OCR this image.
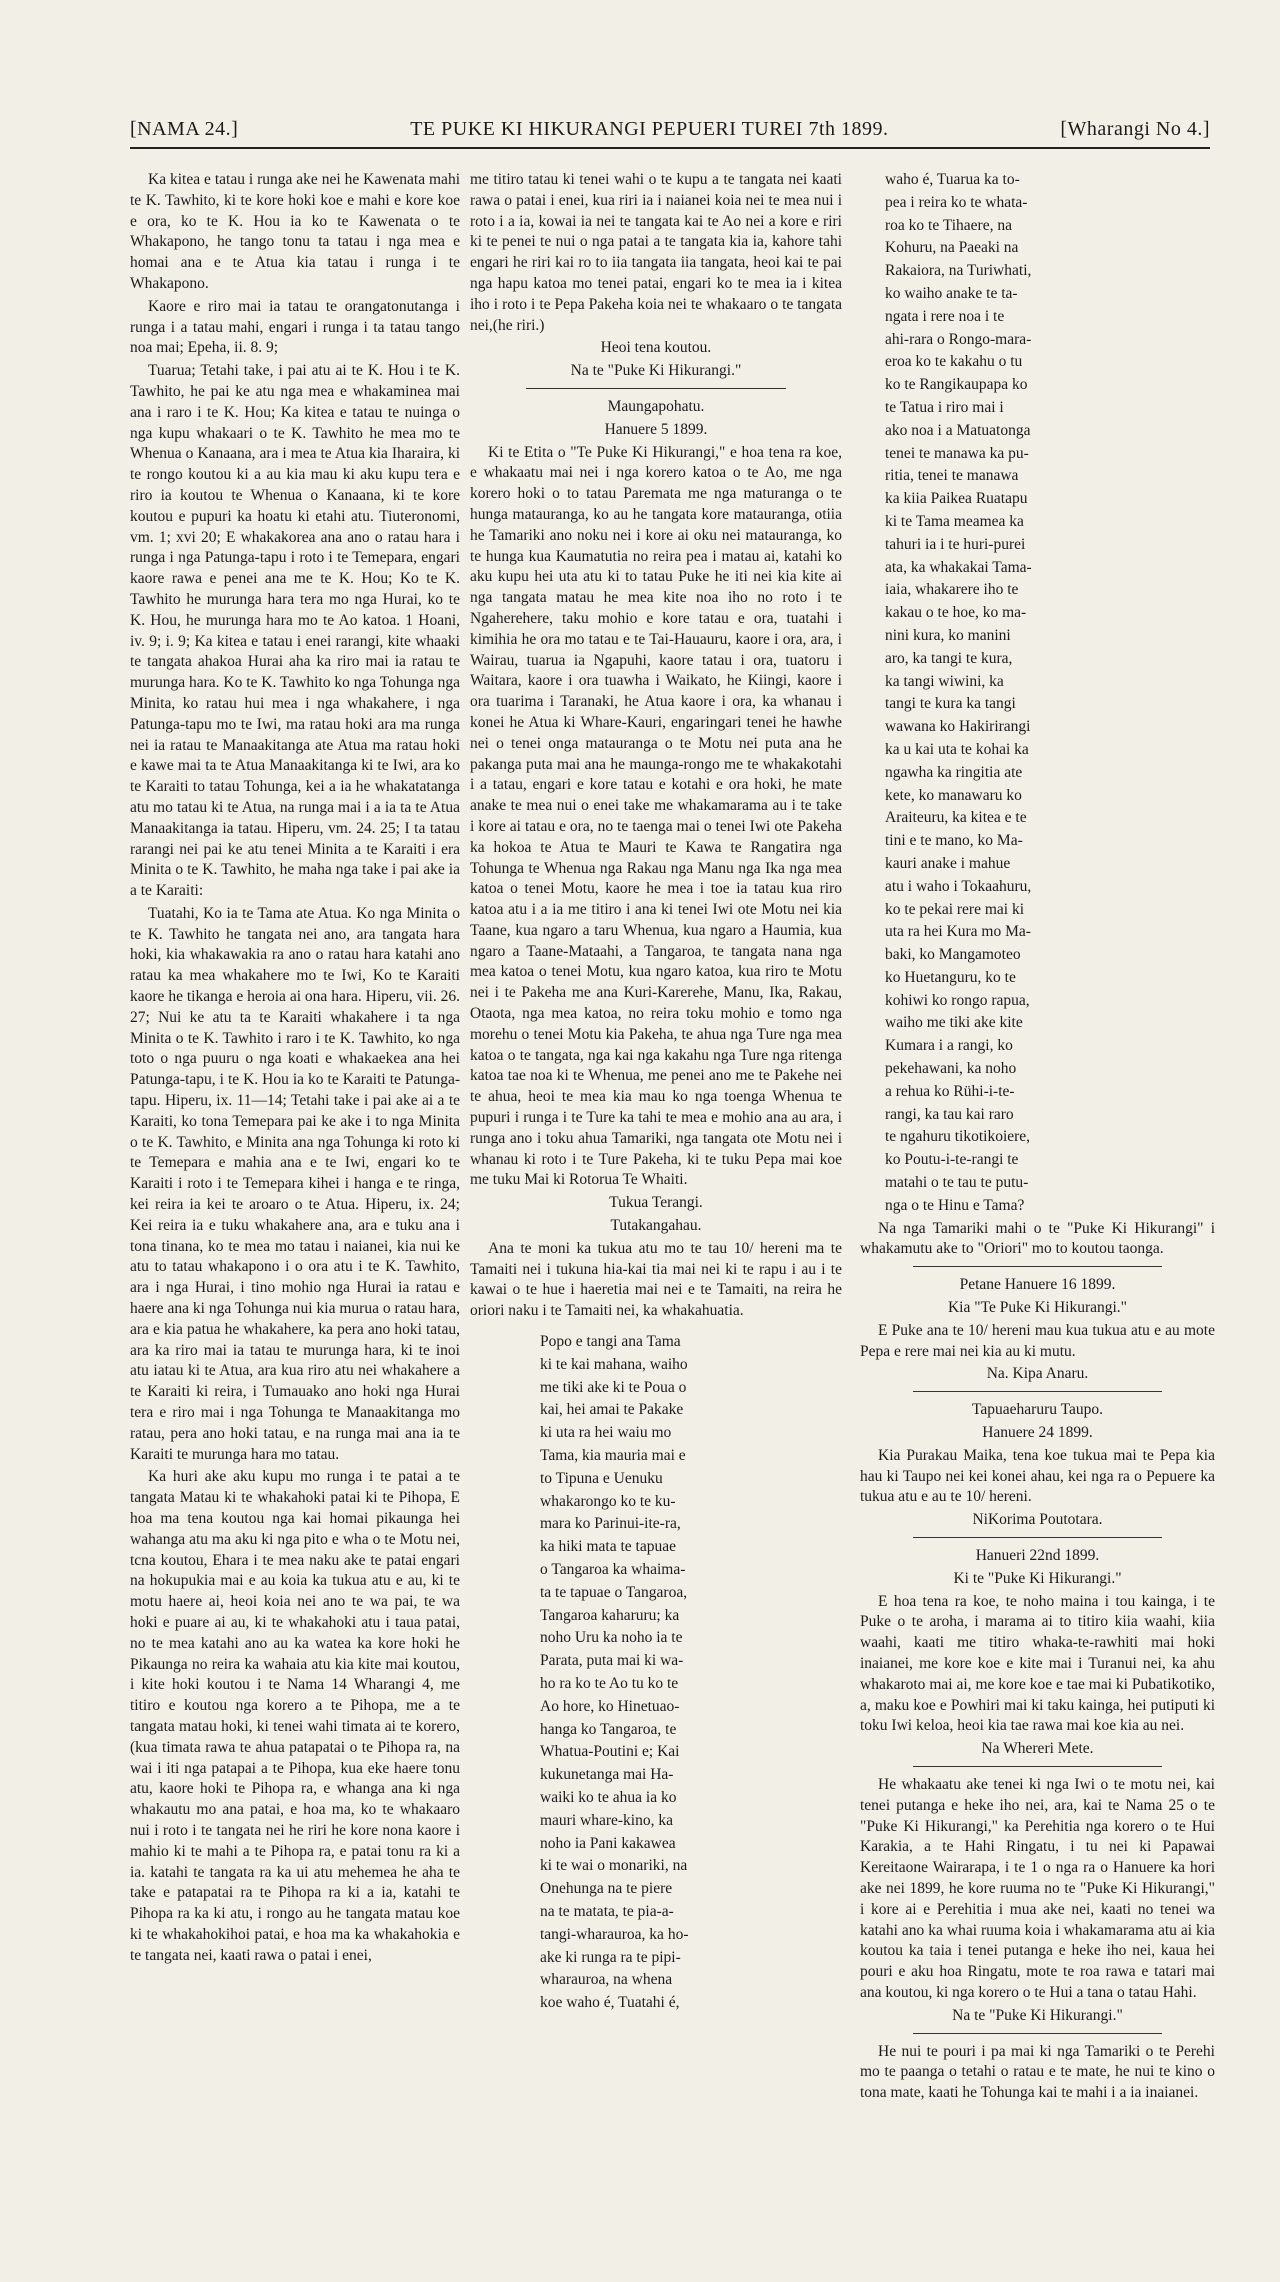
[NAMA 24.]	TE PUKE KI HIKURANGI PEPUERI TUREI 7th 1899.	[Wharangi No 4.]

Ka kitea e tatau i runga ake nei he Kawenata mahi te K. Tawhito, ki te kore hoki koe e mahi e kore koe e ora, ko te K. Hou ia ko te Kawenata o te Whakapono, he tango tonu ta tatau i nga mea e homai ana e te Atua kia tatau i runga i te Whakapono.

Kaore e riro mai ia tatau te orangatonutanga i runga i a tatau mahi, engari i runga i ta tatau tango noa mai; Epeha, ii. 8. 9;

Tuarua; Tetahi take, i pai atu ai te K. Hou i te K. Tawhito, he pai ke atu nga mea e whakaminea mai ana i raro i te K. Hou; Ka kitea e tatau te nuinga o nga kupu whakaari o te K. Tawhito he mea mo te Whenua o Kanaana, ara i mea te Atua kia Iharaira, ki te rongo koutou ki a au kia mau ki aku kupu tera e riro ia koutou te Whenua o Kanaana, ki te kore koutou e pupuri ka hoatu ki etahi atu. Tiuteronomi, vm. 1; xvi 20; E whakakorea ana ano o ratau hara i runga i nga Patunga-tapu i roto i te Temepara, engari kaore rawa e penei ana me te K. Hou; Ko te K. Tawhito he murunga hara tera mo nga Hurai, ko te K. Hou, he murunga hara mo te Ao katoa. 1 Hoani, iv. 9; i. 9; Ka kitea e tatau i enei rarangi, kite whaaki te tangata ahakoa Hurai aha ka riro mai ia ratau te murunga hara. Ko te K. Tawhito ko nga Tohunga nga Minita, ko ratau hui mea i nga whakahere, i nga Patunga-tapu mo te Iwi, ma ratau hoki ara ma runga nei ia ratau te Manaakitanga ate Atua ma ratau hoki e kawe mai ta te Atua Manaakitanga ki te Iwi, ara ko te Karaiti to tatau Tohunga, kei a ia he whakatatanga atu mo tatau ki te Atua, na runga mai i a ia ta te Atua Manaakitanga ia tatau. Hiperu, vm. 24. 25; I ta tatau rarangi nei pai ke atu tenei Minita a te Karaiti i era Minita o te K. Tawhito, he maha nga take i pai ake ia a te Karaiti:

Tuatahi, Ko ia te Tama ate Atua. Ko nga Minita o te K. Tawhito he tangata nei ano, ara tangata hara hoki, kia whakawakia ra ano o ratau hara katahi ano ratau ka mea whakahere mo te Iwi, Ko te Karaiti kaore he tikanga e heroia ai ona hara. Hiperu, vii. 26. 27; Nui ke atu ta te Karaiti whakahere i ta nga Minita o te K. Tawhito i raro i te K. Tawhito, ko nga toto o nga puuru o nga koati e whakaekea ana hei Patunga-tapu, i te K. Hou ia ko te Karaiti te Patunga-tapu. Hiperu, ix. 11—14; Tetahi take i pai ake ai a te Karaiti, ko tona Temepara pai ke ake i to nga Minita o te K. Tawhito, e Minita ana nga Tohunga ki roto ki te Temepara e mahia ana e te Iwi, engari ko te Karaiti i roto i te Temepara kihei i hanga e te ringa, kei reira ia kei te aroaro o te Atua. Hiperu, ix. 24; Kei reira ia e tuku whakahere ana, ara e tuku ana i tona tinana, ko te mea mo tatau i naianei, kia nui ke atu to tatau whakapono i o ora atu i te K. Tawhito, ara i nga Hurai, i tino mohio nga Hurai ia ratau e haere ana ki nga Tohunga nui kia murua o ratau hara, ara e kia patua he whakahere, ka pera ano hoki tatau, ara ka riro mai ia tatau te murunga hara, ki te inoi atu iatau ki te Atua, ara kua riro atu nei whakahere a te Karaiti ki reira, i Tumauako ano hoki nga Hurai tera e riro mai i nga Tohunga te Manaakitanga mo ratau, pera ano hoki tatau, e na runga mai ana ia te Karaiti te murunga hara mo tatau.

Ka huri ake aku kupu mo runga i te patai a te tangata Matau ki te whakahoki patai ki te Pihopa, E hoa ma tena koutou nga kai homai pikaunga hei wahanga atu ma aku ki nga pito e wha o te Motu nei, tcna koutou, Ehara i te mea naku ake te patai engari na hokupukia mai e au koia ka tukua atu e au, ki te motu haere ai, heoi koia nei ano te wa pai, te wa hoki e puare ai au, ki te whakahoki atu i taua patai, no te mea katahi ano au ka watea ka kore hoki he Pikaunga no reira ka wahaia atu kia kite mai koutou, i kite hoki koutou i te Nama 14 Wharangi 4, me titiro e koutou nga korero a te Pihopa, me a te tangata matau hoki, ki tenei wahi timata ai te korero, (kua timata rawa te ahua patapatai o te Pihopa ra, na wai i iti nga patapai a te Pihopa, kua eke haere tonu atu, kaore hoki te Pihopa ra, e whanga ana ki nga whakautu mo ana patai, e hoa ma, ko te whakaaro nui i roto i te tangata nei he riri he kore nona kaore i mahio ki te mahi a te Pihopa ra, e patai tonu ra ki a ia. katahi te tangata ra ka ui atu mehemea he aha te take e patapatai ra te Pihopa ra ki a ia, katahi te Pihopa ra ka ki atu, i rongo au he tangata matau koe ki te whakahokihoi patai, e hoa ma ka whakahokia e te tangata nei, kaati rawa o patai i enei,

me titiro tatau ki tenei wahi o te kupu a te tangata nei kaati rawa o patai i enei, kua riri ia i naianei koia nei te mea nui i roto i a ia, kowai ia nei te tangata kai te Ao nei a kore e riri ki te penei te nui o nga patai a te tangata kia ia, kahore tahi engari he riri kai ro to iia tangata iia tangata, heoi kai te pai nga hapu katoa mo tenei patai, engari ko te mea ia i kitea iho i roto i te Pepa Pakeha koia nei te whakaaro o te tangata nei,(he riri.)

Heoi tena koutou.

Na te "Puke Ki Hikurangi."

Maungapohatu.

Hanuere 5 1899.

Ki te Etita o "Te Puke Ki Hikurangi," e hoa tena ra koe, e whakaatu mai nei i nga korero katoa o te Ao, me nga korero hoki o to tatau Paremata me nga maturanga o te hunga matauranga, ko au he tangata kore matauranga, otiia he Tamariki ano noku nei i kore ai oku nei matauranga, ko te hunga kua Kaumatutia no reira pea i matau ai, katahi ko aku kupu hei uta atu ki to tatau Puke he iti nei kia kite ai nga tangata matau he mea kite noa iho no roto i te Ngaherehere, taku mohio e kore tatau e ora, tuatahi i kimihia he ora mo tatau e te Tai-Hauauru, kaore i ora, ara, i Wairau, tuarua ia Ngapuhi, kaore tatau i ora, tuatoru i Waitara, kaore i ora tuawha i Waikato, he Kiingi, kaore i ora tuarima i Taranaki, he Atua kaore i ora, ka whanau i konei he Atua ki Whare-Kauri, engaringari tenei he hawhe nei o tenei onga matauranga o te Motu nei puta ana he pakanga puta mai ana he maunga-rongo me te whakakotahi i a tatau, engari e kore tatau e kotahi e ora hoki, he mate anake te mea nui o enei take me whakamarama au i te take i kore ai tatau e ora, no te taenga mai o tenei Iwi ote Pakeha ka hokoa te Atua te Mauri te Kawa te Rangatira nga Tohunga te Whenua nga Rakau nga Manu nga Ika nga mea katoa o tenei Motu, kaore he mea i toe ia tatau kua riro katoa atu i a ia me titiro i ana ki tenei Iwi ote Motu nei kia Taane, kua ngaro a taru Whenua, kua ngaro a Haumia, kua ngaro a Taane-Mataahi, a Tangaroa, te tangata nana nga mea katoa o tenei Motu, kua ngaro katoa, kua riro te Motu nei i te Pakeha me ana Kuri-Karerehe, Manu, Ika, Rakau, Otaota, nga mea katoa, no reira toku mohio e tomo nga morehu o tenei Motu kia Pakeha, te ahua nga Ture nga mea katoa o te tangata, nga kai nga kakahu nga Ture nga ritenga katoa tae noa ki te Whenua, me penei ano me te Pakehe nei te ahua, heoi te mea kia mau ko nga toenga Whenua te pupuri i runga i te Ture ka tahi te mea e mohio ana au ara, i runga ano i toku ahua Tamariki, nga tangata ote Motu nei i whanau ki roto i te Ture Pakeha, ki te tuku Pepa mai koe me tuku Mai ki Rotorua Te Whaiti.

Tukua Terangi.

Tutakangahau.

Ana te moni ka tukua atu mo te tau 10/ hereni ma te Tamaiti nei i tukuna hia-kai tia mai nei ki te rapu i au i te kawai o te hue i haeretia mai nei e te Tamaiti, na reira he oriori naku i te Tamaiti nei, ka whakahuatia.

Popo e tangi ana Tama

ki te kai mahana, waiho

me tiki ake ki te Poua o

kai, hei amai te Pakake

ki uta ra hei waiu mo

Tama, kia mauria mai e

to Tipuna e Uenuku

whakarongo ko te ku-

mara ko Parinui-ite-ra,

ka hiki mata te tapuae

o Tangaroa ka whaima-

ta te tapuae o Tangaroa,

Tangaroa kaharuru; ka

noho Uru ka noho ia te

Parata, puta mai ki wa-

ho ra ko te Ao tu ko te

Ao hore, ko Hinetuao-

hanga ko Tangaroa, te

Whatua-Poutini e; Kai

kukunetanga mai Ha-

waiki ko te ahua ia ko

mauri whare-kino, ka

noho ia Pani kakawea

ki te wai o monariki, na

Onehunga na te piere

na te matata, te pia-a-

tangi-wharauroa, ka ho-

ake ki runga ra te pipi-

wharauroa, na whena

koe waho é, Tuatahi é,

waho é, Tuarua ka to-

pea i reira ko te whata-

roa ko te Tihaere, na

Kohuru, na Paeaki na

Rakaiora, na Turiwhati,

ko waiho anake te ta-

ngata i rere noa i te

ahi-rara o Rongo-mara-

eroa ko te kakahu o tu

ko te Rangikaupapa ko

te Tatua i riro mai i

ako noa i a Matuatonga

tenei te manawa ka pu-

ritia, tenei te manawa

ka kiia Paikea Ruatapu

ki te Tama meamea ka

tahuri ia i te huri-purei

ata, ka whakakai Tama-

iaia, whakarere iho te

kakau o te hoe, ko ma-

nini kura, ko manini

aro, ka tangi te kura,

ka tangi wiwini, ka

tangi te kura ka tangi

wawana ko Hakirirangi

ka u kai uta te kohai ka

ngawha ka ringitia ate

kete, ko manawaru ko

Araiteuru, ka kitea e te

tini e te mano, ko Ma-

kauri anake i mahue

atu i waho i Tokaahuru,

ko te pekai rere mai ki

uta ra hei Kura mo Ma-

baki, ko Mangamoteo

ko Huetanguru, ko te

kohiwi ko rongo rapua,

waiho me tiki ake kite

Kumara i a rangi, ko

pekehawani, ka noho

a rehua ko Rühi-i-te-

rangi, ka tau kai raro

te ngahuru tikotikoiere,

ko Poutu-i-te-rangi te

matahi o te tau te putu-

nga o te Hinu e Tama?

Na nga Tamariki mahi o te "Puke Ki Hikurangi" i whakamutu ake to "Oriori" mo to koutou taonga.

Petane Hanuere 16 1899.

Kia "Te Puke Ki Hikurangi."

E Puke ana te 10/ hereni mau kua tukua atu e au mote Pepa e rere mai nei kia au ki mutu.

Na. Kipa Anaru.

Tapuaeharuru Taupo.

Hanuere 24 1899.

Kia Purakau Maika, tena koe tukua mai te Pepa kia hau ki Taupo nei kei konei ahau, kei nga ra o Pepuere ka tukua atu e au te 10/ hereni.

NiKorima Poutotara.

Hanueri 22nd 1899.

Ki te "Puke Ki Hikurangi."

E hoa tena ra koe, te noho maina i tou kainga, i te Puke o te aroha, i marama ai to titiro kiia waahi, kiia waahi, kaati me titiro whaka-te-rawhiti mai hoki inaianei, me kore koe e kite mai i Turanui nei, ka ahu whakaroto mai ai, me kore koe e tae mai ki Pubatikotiko, a, maku koe e Powhiri mai ki taku kainga, hei putiputi ki toku Iwi keloa, heoi kia tae rawa mai koe kia au nei.

Na Whereri Mete.

He whakaatu ake tenei ki nga Iwi o te motu nei, kai tenei putanga e heke iho nei, ara, kai te Nama 25 o te "Puke Ki Hikurangi," ka Perehitia nga korero o te Hui Karakia, a te Hahi Ringatu, i tu nei ki Papawai Kereitaone Wairarapa, i te 1 o nga ra o Hanuere ka hori ake nei 1899, he kore ruuma no te "Puke Ki Hikurangi," i kore ai e Perehitia i mua ake nei, kaati no tenei wa katahi ano ka whai ruuma koia i whakamarama atu ai kia koutou ka taia i tenei putanga e heke iho nei, kaua hei pouri e aku hoa Ringatu, mote te roa rawa e tatari mai ana koutou, ki nga korero o te Hui a tana o tatau Hahi.

Na te "Puke Ki Hikurangi."

He nui te pouri i pa mai ki nga Tamariki o te Perehi mo te paanga o tetahi o ratau e te mate, he nui te kino o tona mate, kaati he Tohunga kai te mahi i a ia inaianei.
